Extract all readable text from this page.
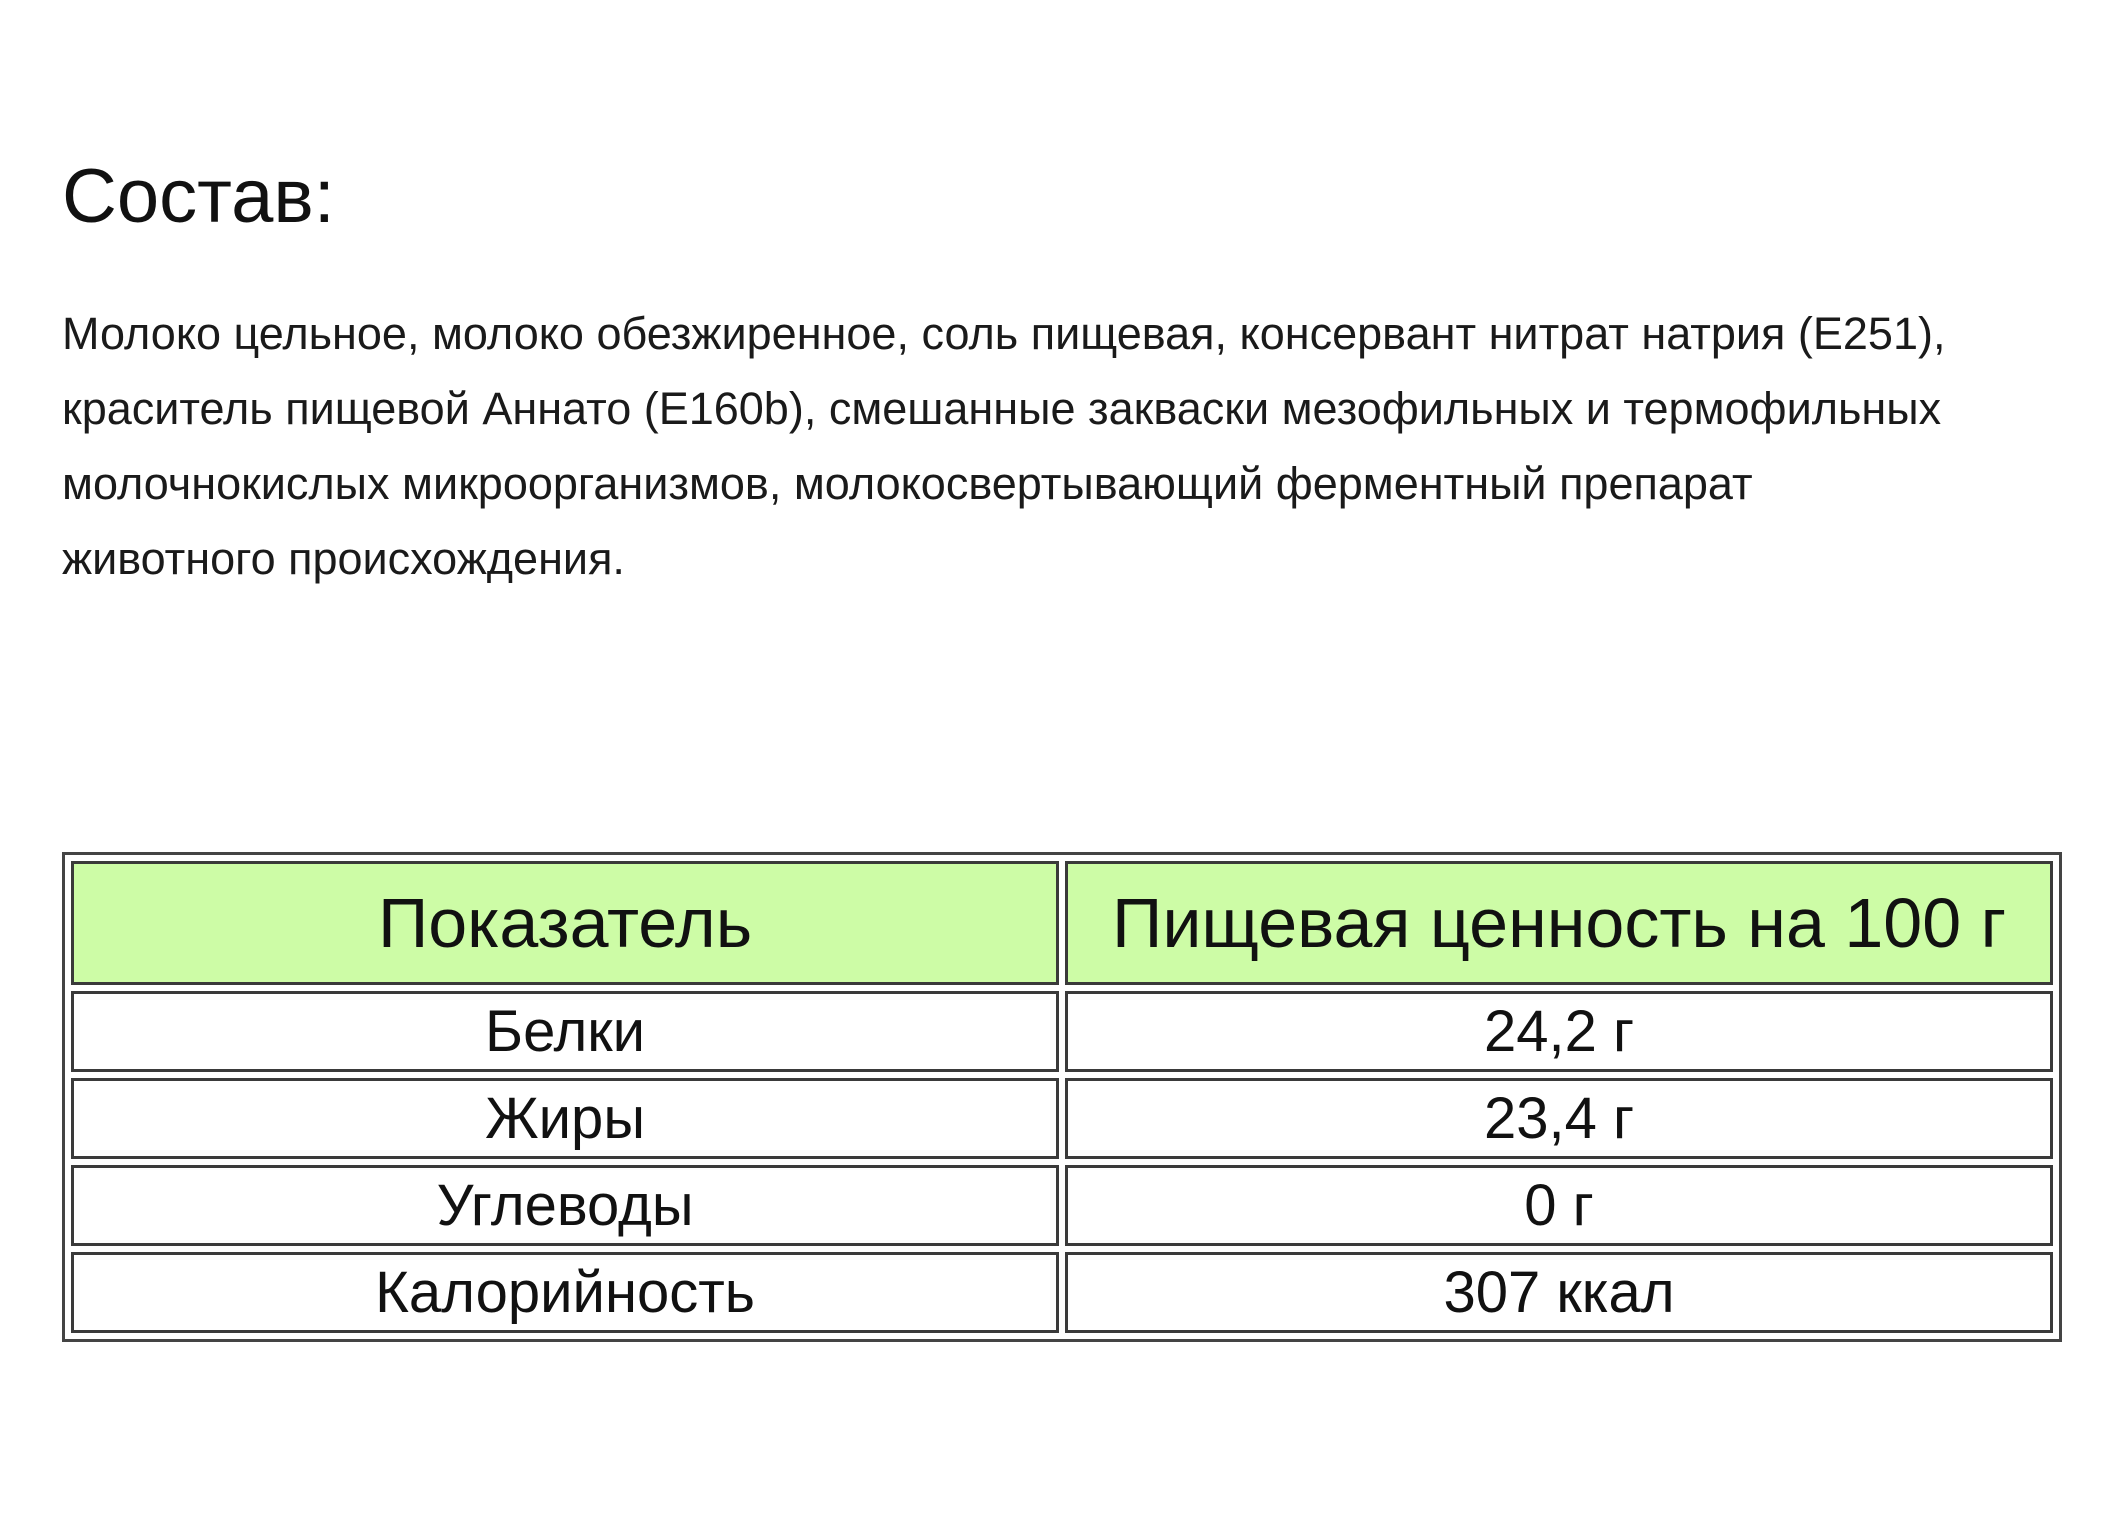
Состав:

Молоко цельное, молоко обезжиренное, соль пищевая, консервант нитрат натрия (Е251),
краситель пищевой Аннато (Е160b), смешанные закваски мезофильных и термофильных
молочнокислых микроорганизмов, молокосвертывающий ферментный препарат
животного происхождения.

Показатель	Пищевая ценность на 100 г
Белки	24,2 г
Жиры	23,4 г
Углеводы	0 г
Калорийность	307 ккал
